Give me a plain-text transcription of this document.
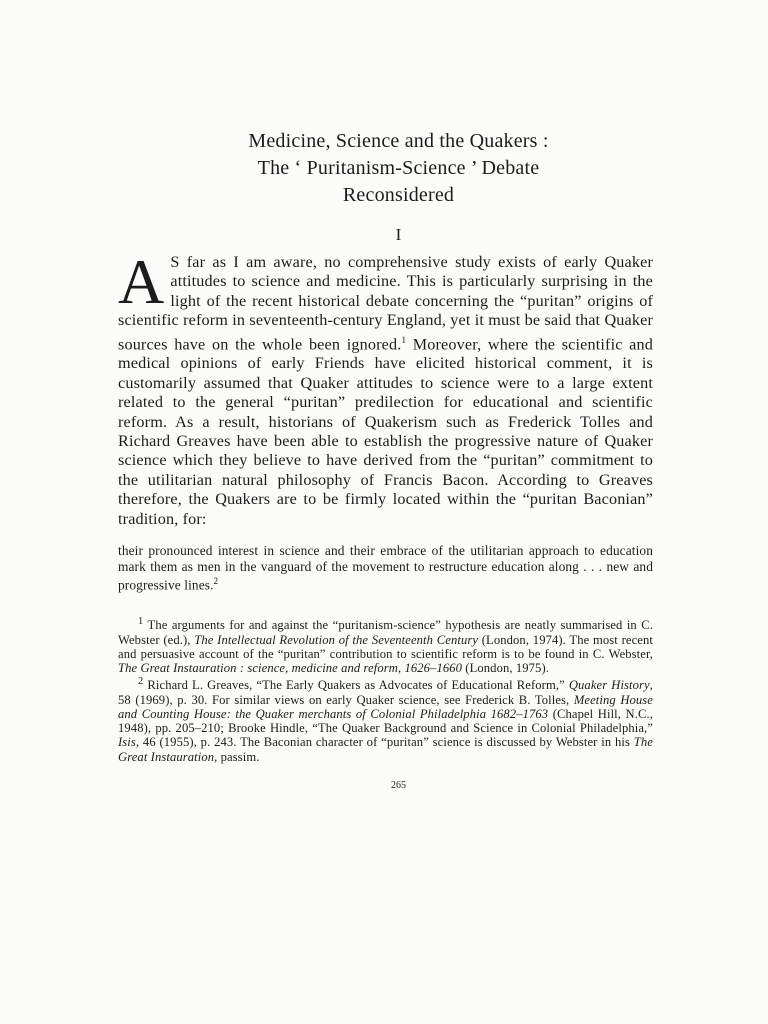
Medicine, Science and the Quakers :
The ‘ Puritanism-Science ’ Debate
Reconsidered
I

A S far as I am aware, no comprehensive study exists of early Quaker attitudes to science and medicine. This is particularly surprising in the light of the recent historical debate concerning the “puritan” origins of scientific reform in seventeenth-century England, yet it must be said that Quaker sources have on the whole been ignored.$^1$ Moreover, where the scientific and medical opinions of early Friends have elicited historical comment, it is customarily assumed that Quaker attitudes to science were to a large extent related to the general “puritan” predilection for educational and scientific reform. As a result, historians of Quakerism such as Frederick Tolles and Richard Greaves have been able to establish the progressive nature of Quaker science which they believe to have derived from the “puritan” commitment to the utilitarian natural philosophy of Francis Bacon. According to Greaves therefore, the Quakers are to be firmly located within the “puritan Baconian” tradition, for:

their pronounced interest in science and their embrace of the utilitarian approach to education mark them as men in the vanguard of the movement to restructure education along . . . new and progressive lines.$^2$

$^1$ The arguments for and against the “puritanism-science” hypothesis are neatly summarised in C. Webster (ed.), The Intellectual Revolution of the Seventeenth Century (London, 1974). The most recent and persuasive account of the “puritan” contribution to scientific reform is to be found in C. Webster, The Great Instauration : science, medicine and reform, 1626–1660 (London, 1975).

$^2$ Richard L. Greaves, “The Early Quakers as Advocates of Educational Reform,” Quaker History, 58 (1969), p. 30. For similar views on early Quaker science, see Frederick B. Tolles, Meeting House and Counting House: the Quaker merchants of Colonial Philadelphia 1682–1763 (Chapel Hill, N.C., 1948), pp. 205–210; Brooke Hindle, “The Quaker Background and Science in Colonial Philadelphia,” Isis, 46 (1955), p. 243. The Baconian character of “puritan” science is discussed by Webster in his The Great Instauration, passim.

265
